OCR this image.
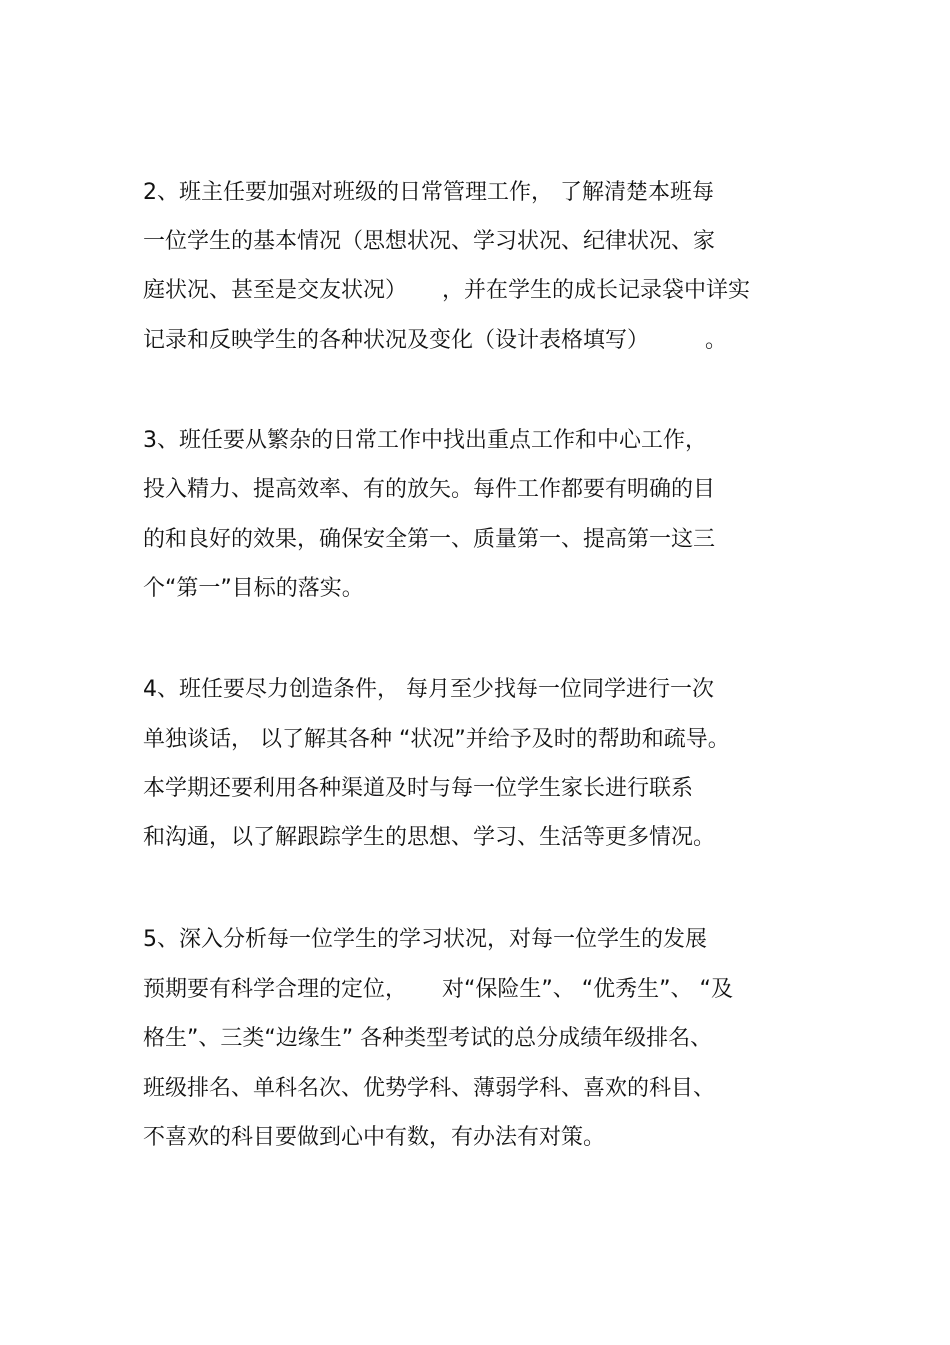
2、班主任要加强对班级的日常管理工作， 了解清楚本班每
一位学生的基本情况（思想状况、学习状况、纪律状况、家
庭状况、甚至是交友状况）     ，并在学生的成长记录袋中详实
记录和反映学生的各种状况及变化（设计表格填写）        。
3、班任要从繁杂的日常工作中找出重点工作和中心工作，
投入精力、提高效率、有的放矢。每件工作都要有明确的目
的和良好的效果，确保安全第一、质量第一、提高第一这三
个“第一”目标的落实。
4、班任要尽力创造条件， 每月至少找每一位同学进行一次
单独谈话， 以了解其各种 “状况”并给予及时的帮助和疏导。
本学期还要利用各种渠道及时与每一位学生家长进行联系
和沟通，以了解跟踪学生的思想、学习、生活等更多情况。
5、深入分析每一位学生的学习状况，对每一位学生的发展
预期要有科学合理的定位，     对“保险生”、 “优秀生”、 “及
格生”、三类“边缘生” 各种类型考试的总分成绩年级排名、
班级排名、单科名次、优势学科、薄弱学科、喜欢的科目、
不喜欢的科目要做到心中有数，有办法有对策。
